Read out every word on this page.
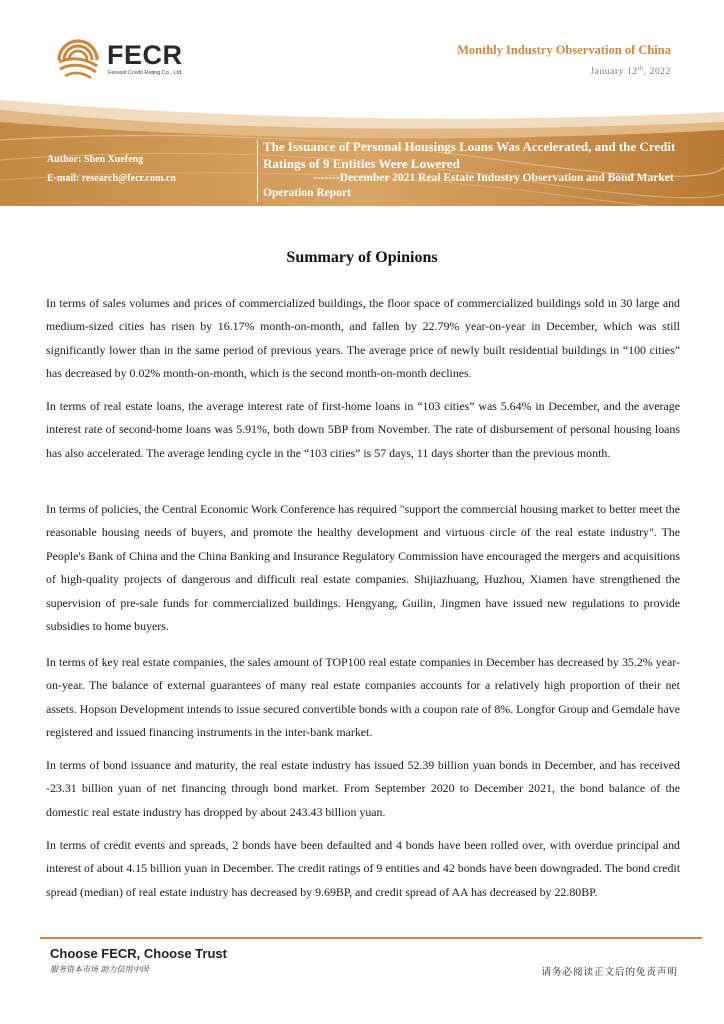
FECR
Fareast Credit Rating Co., Ltd.
Monthly Industry Observation of China
January 12th, 2022
Author: Shen Xuefeng
E-mail: research@fecr.com.cn
The Issuance of Personal Housings Loans Was Accelerated, and the Credit Ratings of 9 Entities Were Lowered
-------December 2021 Real Estate Industry Observation and Bond Market
Operation Report
Summary of Opinions

In terms of sales volumes and prices of commercialized buildings, the floor space of commercialized buildings sold in 30 large and medium-sized cities has risen by 16.17% month-on-month, and fallen by 22.79% year-on-year in December, which was still significantly lower than in the same period of previous years. The average price of newly built residential buildings in “100 cities” has decreased by 0.02% month-on-month, which is the second month-on-month declines.

In terms of real estate loans, the average interest rate of first-home loans in “103 cities” was 5.64% in December, and the average interest rate of second-home loans was 5.91%, both down 5BP from November. The rate of disbursement of personal housing loans has also accelerated. The average lending cycle in the “103 cities” is 57 days, 11 days shorter than the previous month.

In terms of policies, the Central Economic Work Conference has required "support the commercial housing market to better meet the reasonable housing needs of buyers, and promote the healthy development and virtuous circle of the real estate industry". The People's Bank of China and the China Banking and Insurance Regulatory Commission have encouraged the mergers and acquisitions of high-quality projects of dangerous and difficult real estate companies. Shijiazhuang, Huzhou, Xiamen have strengthened the supervision of pre-sale funds for commercialized buildings. Hengyang, Guilin, Jingmen have issued new regulations to provide subsidies to home buyers.

In terms of key real estate companies, the sales amount of TOP100 real estate companies in December has decreased by 35.2% year-on-year. The balance of external guarantees of many real estate companies accounts for a relatively high proportion of their net assets. Hopson Development intends to issue secured convertible bonds with a coupon rate of 8%. Longfor Group and Gemdale have registered and issued financing instruments in the inter-bank market.

In terms of bond issuance and maturity, the real estate industry has issued 52.39 billion yuan bonds in December, and has received -23.31 billion yuan of net financing through bond market. From September 2020 to December 2021, the bond balance of the domestic real estate industry has dropped by about 243.43 billion yuan.

In terms of credit events and spreads, 2 bonds have been defaulted and 4 bonds have been rolled over, with overdue principal and interest of about 4.15 billion yuan in December. The credit ratings of 9 entities and 42 bonds have been downgraded. The bond credit spread (median) of real estate industry has decreased by 9.69BP, and credit spread of AA has decreased by 22.80BP.

Choose FECR, Choose Trust
服务资本市场 助力信用中国	请务必阅读正文后的免责声明
